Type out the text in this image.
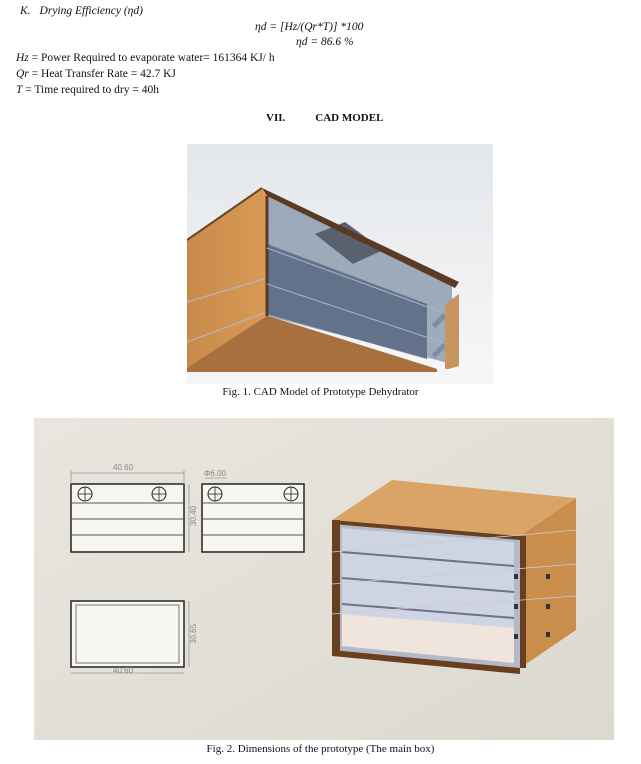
K. Drying Efficiency (ηd)
ηd = [Hz/(Qr*T)] *100
ηd = 86.6 %
Hz = Power Required to evaporate water= 161364 KJ/ h
Qr = Heat Transfer Rate = 42.7 KJ
T = Time required to dry = 40h
VII.	CAD MODEL
Fig. 1. CAD Model of Prototype Dehydrator
40.60
30.40
Φ6.00
40.60
30.65
Fig. 2. Dimensions of the prototype (The main box)
